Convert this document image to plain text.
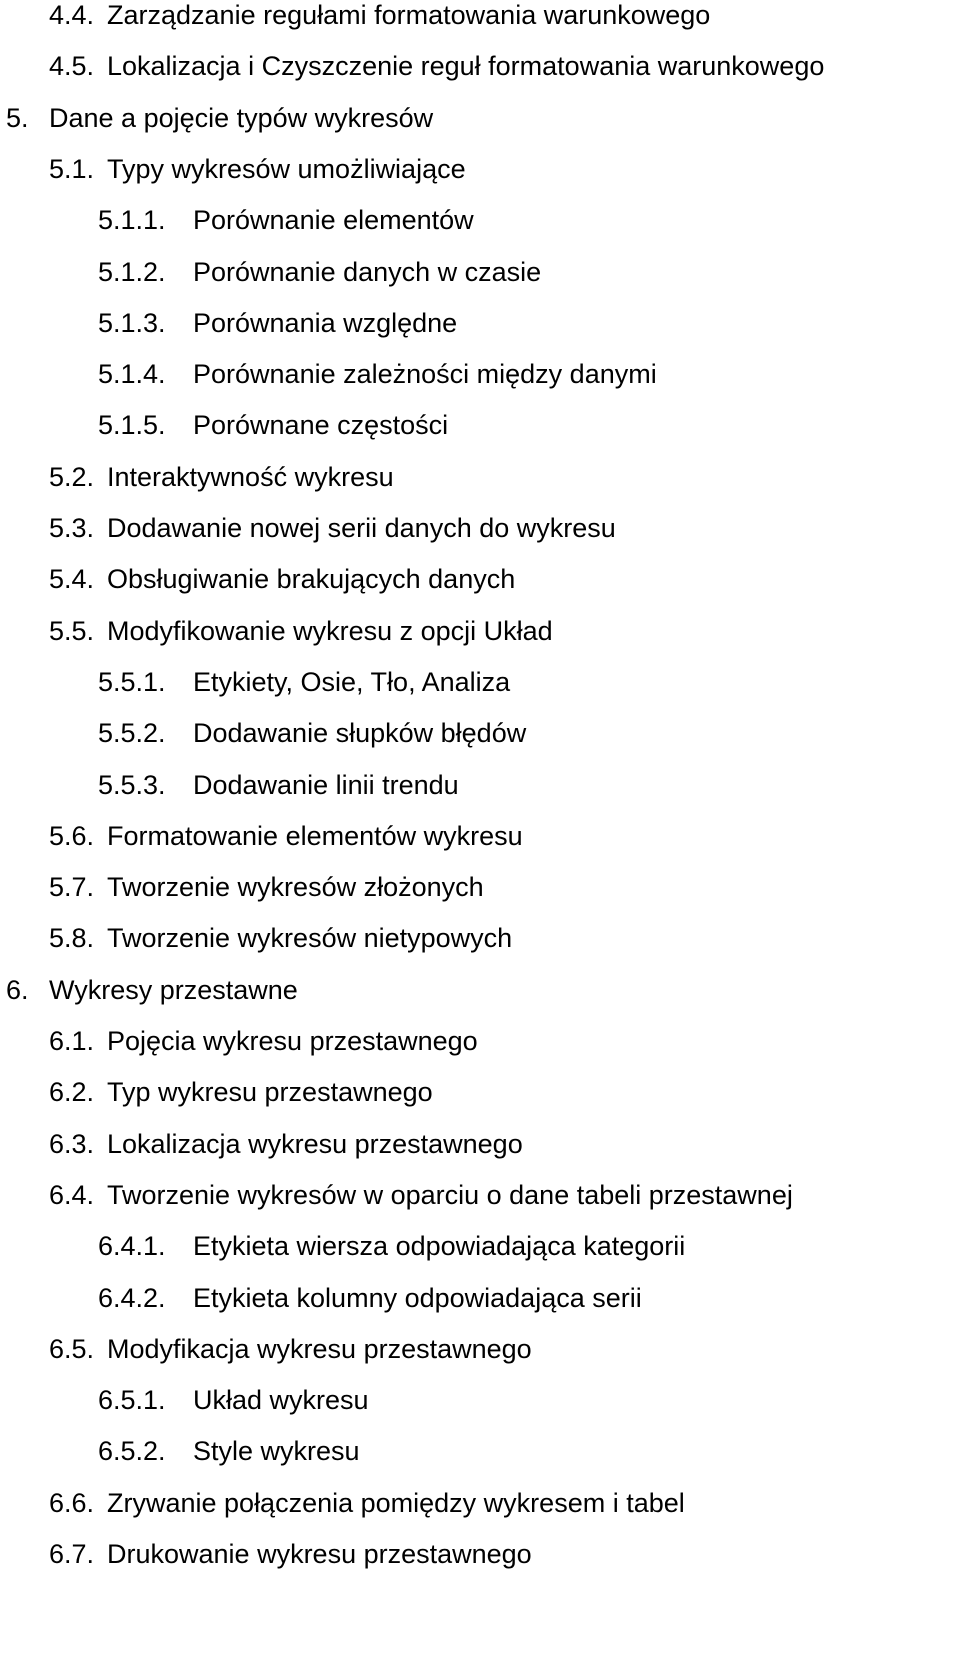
4.4. Zarządzanie regułami formatowania warunkowego
4.5. Lokalizacja i Czyszczenie reguł formatowania warunkowego
5. Dane a pojęcie typów wykresów
5.1. Typy wykresów umożliwiające
5.1.1. Porównanie elementów
5.1.2. Porównanie danych w czasie
5.1.3. Porównania względne
5.1.4. Porównanie zależności między danymi
5.1.5. Porównane częstości
5.2. Interaktywność wykresu
5.3. Dodawanie nowej serii danych do wykresu
5.4. Obsługiwanie brakujących danych
5.5. Modyfikowanie wykresu z opcji Układ
5.5.1. Etykiety, Osie, Tło, Analiza
5.5.2. Dodawanie słupków błędów
5.5.3. Dodawanie linii trendu
5.6. Formatowanie elementów wykresu
5.7. Tworzenie wykresów złożonych
5.8. Tworzenie wykresów nietypowych
6. Wykresy przestawne
6.1. Pojęcia wykresu przestawnego
6.2. Typ wykresu przestawnego
6.3. Lokalizacja wykresu przestawnego
6.4. Tworzenie wykresów w oparciu o dane tabeli przestawnej
6.4.1. Etykieta wiersza odpowiadająca kategorii
6.4.2. Etykieta kolumny odpowiadająca serii
6.5. Modyfikacja wykresu przestawnego
6.5.1. Układ wykresu
6.5.2. Style wykresu
6.6. Zrywanie połączenia pomiędzy wykresem i tabel
6.7. Drukowanie wykresu przestawnego
